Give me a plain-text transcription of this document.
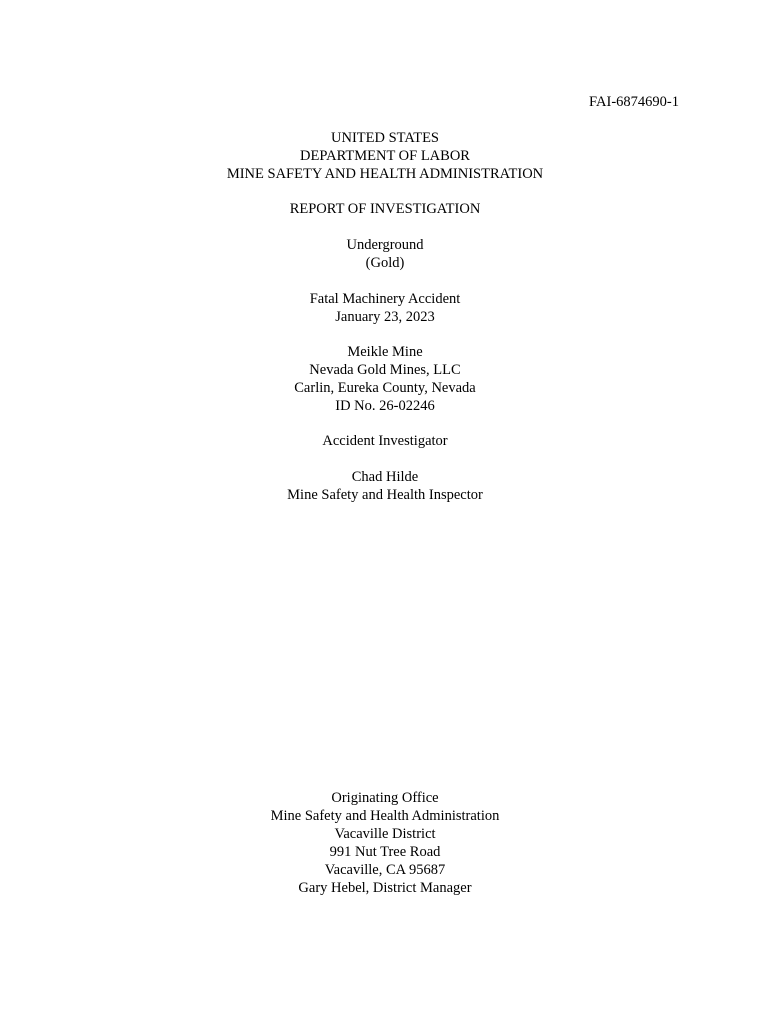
FAI-6874690-1
UNITED STATES
DEPARTMENT OF LABOR
MINE SAFETY AND HEALTH ADMINISTRATION
REPORT OF INVESTIGATION
Underground
(Gold)
Fatal Machinery Accident
January 23, 2023
Meikle Mine
Nevada Gold Mines, LLC
Carlin, Eureka County, Nevada
ID No. 26-02246
Accident Investigator
Chad Hilde
Mine Safety and Health Inspector
Originating Office
Mine Safety and Health Administration
Vacaville District
991 Nut Tree Road
Vacaville, CA 95687
Gary Hebel, District Manager
